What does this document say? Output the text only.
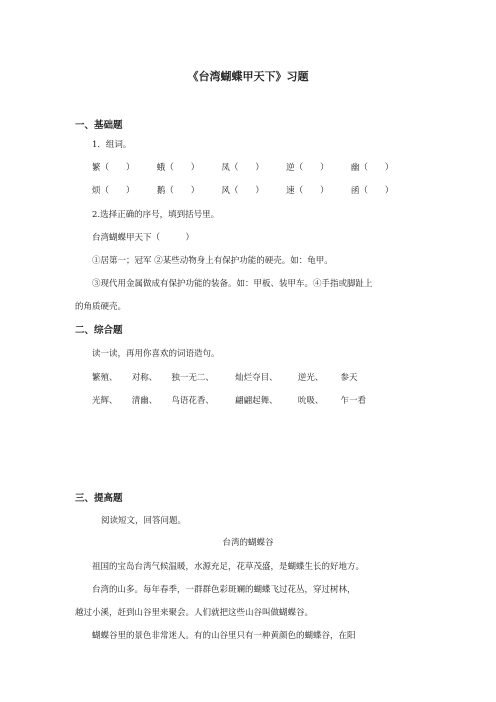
《台湾蝴蝶甲天下》习题
一、基础题
1．组词。
繁（　　）	蛾（　　）	凤（　　）	逆（　　）	幽（　　）
烦（　　）	鹅（　　）	风（　　）	速（　　）	函（　　）
2.选择正确的序号，填到括号里。
台湾蝴蝶甲天下（　　　）
①居第一；冠军 ②某些动物身上有保护功能的硬壳。如：龟甲。
③现代用金属做成有保护功能的装备。如：甲板、装甲车。④手指或脚趾上
的角质硬壳。
二、综合题
读一读，再用你喜欢的词语造句。
繁殖、 对称、 独一无二、 灿烂夺目、 逆光、 参天
光辉、 清幽、 鸟语花香、 翩翩起舞、 吮吸、 乍一看
三、提高题
阅读短文，回答问题。
台湾的蝴蝶谷
祖国的宝岛台湾气候温暖，水源充足，花草茂盛，是蝴蝶生长的好地方。
台湾的山多。每年春季，一群群色彩斑斓的蝴蝶飞过花丛，穿过树林，
越过小溪，赶到山谷里来聚会。人们就把这些山谷叫做蝴蝶谷。
蝴蝶谷里的景色非常迷人。有的山谷里只有一种黄颜色的蝴蝶谷，在阳
